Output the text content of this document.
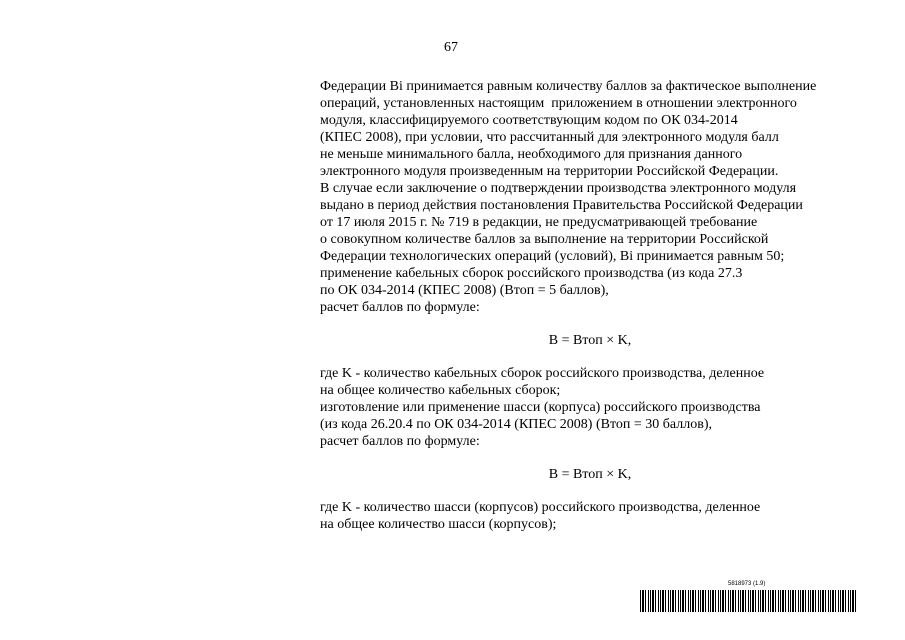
67
Федерации Вi принимается равным количеству баллов за фактическое выполнение
операций, установленных настоящим  приложением в отношении электронного
модуля, классифицируемого соответствующим кодом по ОК 034-2014
(КПЕС 2008), при условии, что рассчитанный для электронного модуля балл
не меньше минимального балла, необходимого для признания данного
электронного модуля произведенным на территории Российской Федерации.
В случае если заключение о подтверждении производства электронного модуля
выдано в период действия постановления Правительства Российской Федерации
от 17 июля 2015 г. № 719 в редакции, не предусматривающей требование
о совокупном количестве баллов за выполнение на территории Российской
Федерации технологических операций (условий), Вi принимается равным 50;
применение кабельных сборок российского производства (из кода 27.3
по ОК 034-2014 (КПЕС 2008) (Втоп = 5 баллов),
расчет баллов по формуле:
В = Втоп × K,
где K - количество кабельных сборок российского производства, деленное
на общее количество кабельных сборок;
изготовление или применение шасси (корпуса) российского производства
(из кода 26.20.4 по ОК 034-2014 (КПЕС 2008) (Втоп = 30 баллов),
расчет баллов по формуле:
В = Втоп × K,
где K - количество шасси (корпусов) российского производства, деленное
на общее количество шасси (корпусов);
5818973 (1.9)
